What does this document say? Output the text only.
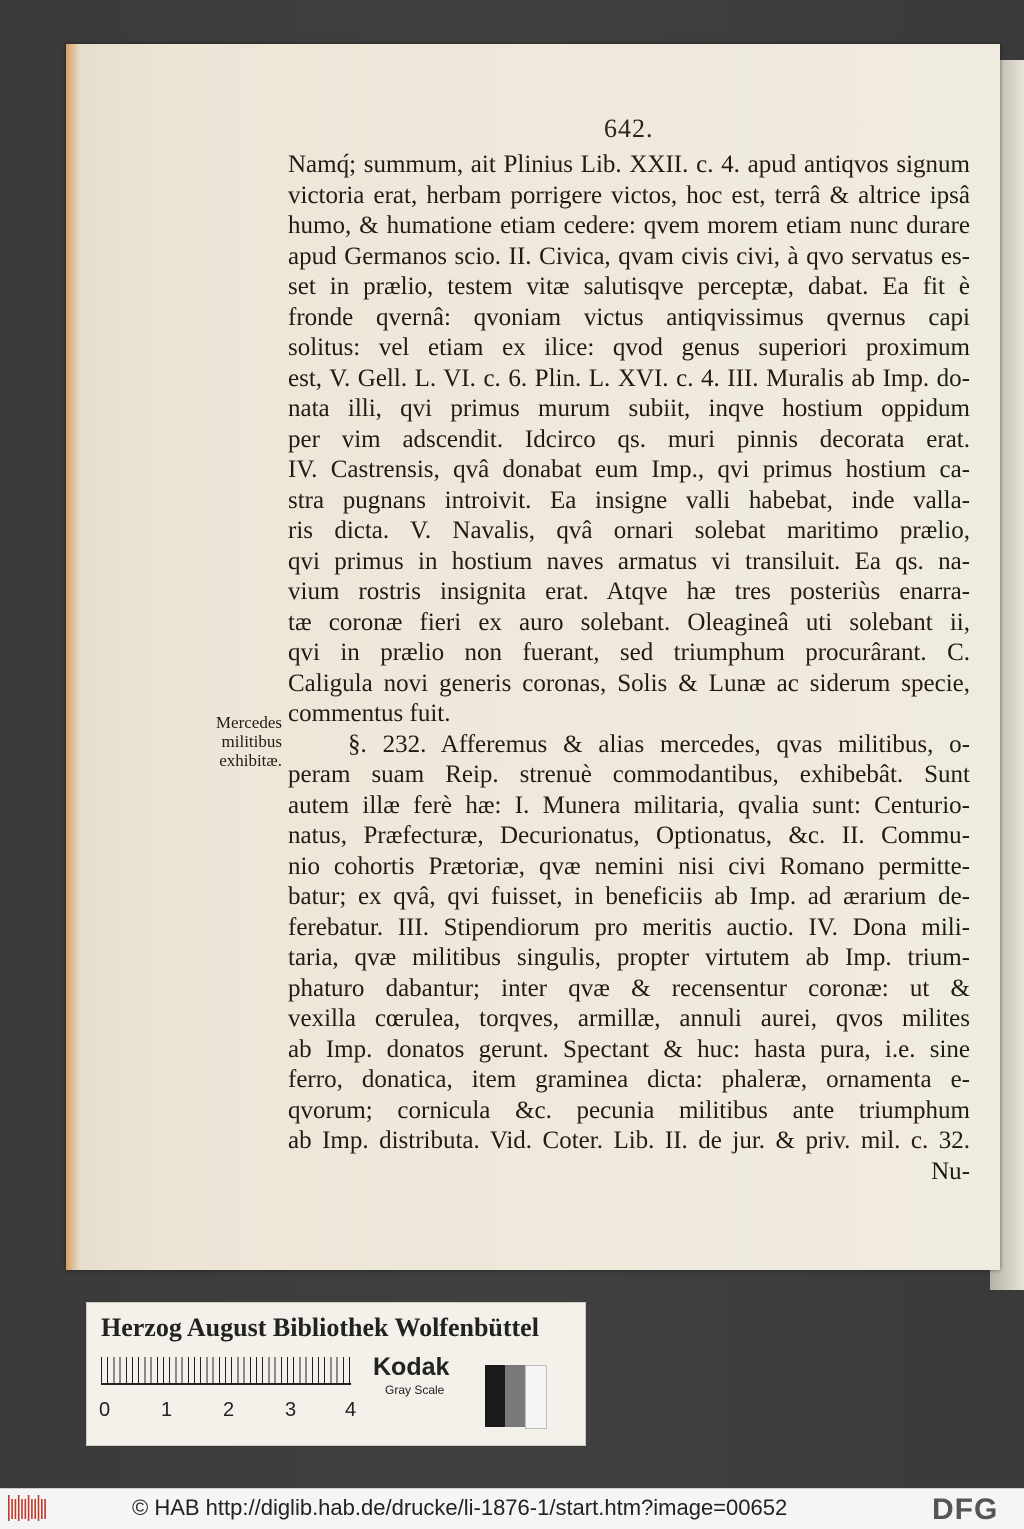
642.
Namq́; summum, ait Plinius Lib. XXII. c. 4. apud antiqvos signum
victoria erat, herbam porrigere victos, hoc est, terrâ & altrice ipsâ
humo, & humatione etiam cedere: qvem morem etiam nunc durare
apud Germanos scio. II. Civica, qvam civis civi, à qvo servatus es-
set in prælio, testem vitæ salutisqve perceptæ, dabat. Ea fit è
fronde qvernâ: qvoniam victus antiqvissimus qvernus capi
solitus: vel etiam ex ilice: qvod genus superiori proximum
est, V. Gell. L. VI. c. 6. Plin. L. XVI. c. 4. III. Muralis ab Imp. do-
nata illi, qvi primus murum subiit, inqve hostium oppidum
per vim adscendit. Idcirco qs. muri pinnis decorata erat.
IV. Castrensis, qvâ donabat eum Imp., qvi primus hostium ca-
stra pugnans introivit. Ea insigne valli habebat, inde valla-
ris dicta. V. Navalis, qvâ ornari solebat maritimo prælio,
qvi primus in hostium naves armatus vi transiluit. Ea qs. na-
vium rostris insignita erat. Atqve hæ tres posteriùs enarra-
tæ coronæ fieri ex auro solebant. Oleagineâ uti solebant ii,
qvi in prælio non fuerant, sed triumphum procurârant. C.
Caligula novi generis coronas, Solis & Lunæ ac siderum specie,
commentus fuit.
§. 232. Afferemus & alias mercedes, qvas militibus, o-
peram suam Reip. strenuè commodantibus, exhibebât. Sunt
autem illæ ferè hæ: I. Munera militaria, qvalia sunt: Centurio-
natus, Præfecturæ, Decurionatus, Optionatus, &c. II. Commu-
nio cohortis Prætoriæ, qvæ nemini nisi civi Romano permitte-
batur; ex qvâ, qvi fuisset, in beneficiis ab Imp. ad ærarium de-
ferebatur. III. Stipendiorum pro meritis auctio. IV. Dona mili-
taria, qvæ militibus singulis, propter virtutem ab Imp. trium-
phaturo dabantur; inter qvæ & recensentur coronæ: ut &
vexilla cœrulea, torqves, armillæ, annuli aurei, qvos milites
ab Imp. donatos gerunt. Spectant & huc: hasta pura, i.e. sine
ferro, donatica, item graminea dicta: phaleræ, ornamenta e-
qvorum; cornicula &c. pecunia militibus ante triumphum
ab Imp. distributa. Vid. Coter. Lib. II. de jur. & priv. mil. c. 32.
Nu-
Mercedes
militibus
exhibitæ.
Herzog August Bibliothek Wolfenbüttel
0	1	2	3 4
Kodak
Gray Scale
© HAB http://diglib.hab.de/drucke/li-1876-1/start.htm?image=00652	DFG
